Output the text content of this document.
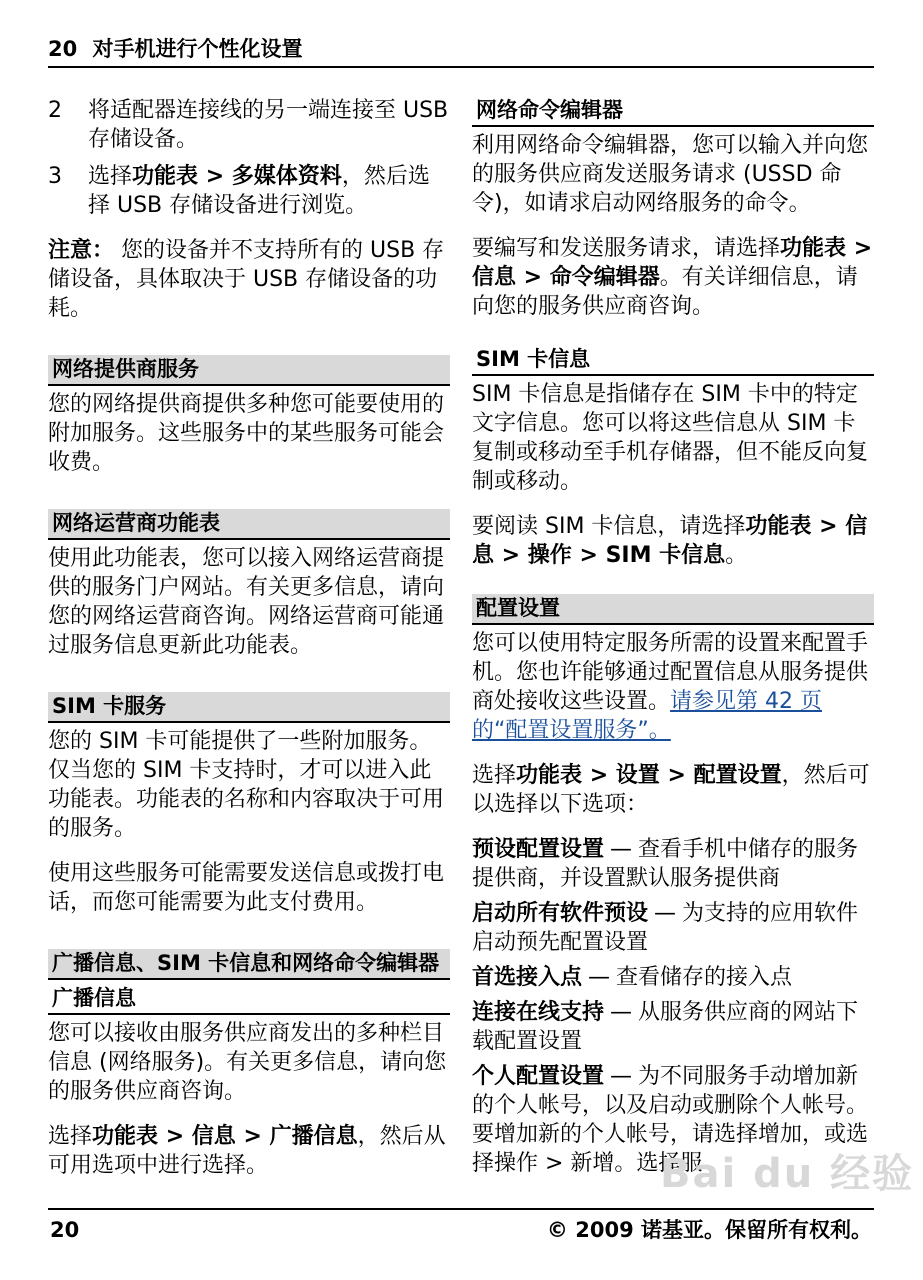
20 对手机进行个性化设置
2	将适配器连接线的另一端连接至 USB 存储设备。
3	选择功能表 > 多媒体资料，然后选择 USB 存储设备进行浏览。

注意： 您的设备并不支持所有的 USB 存储设备，具体取决于 USB 存储设备的功耗。

网络提供商服务

您的网络提供商提供多种您可能要使用的附加服务。这些服务中的某些服务可能会收费。

网络运营商功能表

使用此功能表，您可以接入网络运营商提供的服务门户网站。有关更多信息，请向您的网络运营商咨询。网络运营商可能通过服务信息更新此功能表。

SIM 卡服务

您的 SIM 卡可能提供了一些附加服务。仅当您的 SIM 卡支持时，才可以进入此功能表。功能表的名称和内容取决于可用的服务。

使用这些服务可能需要发送信息或拨打电话，而您可能需要为此支付费用。

广播信息、SIM 卡信息和网络命令编辑器
广播信息

您可以接收由服务供应商发出的多种栏目信息 (网络服务)。有关更多信息，请向您的服务供应商咨询。

选择功能表 > 信息 > 广播信息，然后从可用选项中进行选择。

网络命令编辑器

利用网络命令编辑器，您可以输入并向您的服务供应商发送服务请求 (USSD 命令)，如请求启动网络服务的命令。

要编写和发送服务请求，请选择功能表 > 信息 > 命令编辑器。有关详细信息，请向您的服务供应商咨询。

SIM 卡信息

SIM 卡信息是指储存在 SIM 卡中的特定文字信息。您可以将这些信息从 SIM 卡复制或移动至手机存储器，但不能反向复制或移动。

要阅读 SIM 卡信息，请选择功能表 > 信息 > 操作 > SIM 卡信息。

配置设置

您可以使用特定服务所需的设置来配置手机。您也许能够通过配置信息从服务提供商处接收这些设置。请参见第 42 页的“配置设置服务”。

选择功能表 > 设置 > 配置设置，然后可以选择以下选项：

预设配置设置 — 查看手机中储存的服务提供商，并设置默认服务提供商

启动所有软件预设 — 为支持的应用软件启动预先配置设置

首选接入点 — 查看储存的接入点

连接在线支持 — 从服务供应商的网站下载配置设置

个人配置设置 — 为不同服务手动增加新的个人帐号，以及启动或删除个人帐号。要增加新的个人帐号，请选择增加，或选择操作 > 新增。选择服

Bai du 经验
20	© 2009 诺基亚。保留所有权利。
